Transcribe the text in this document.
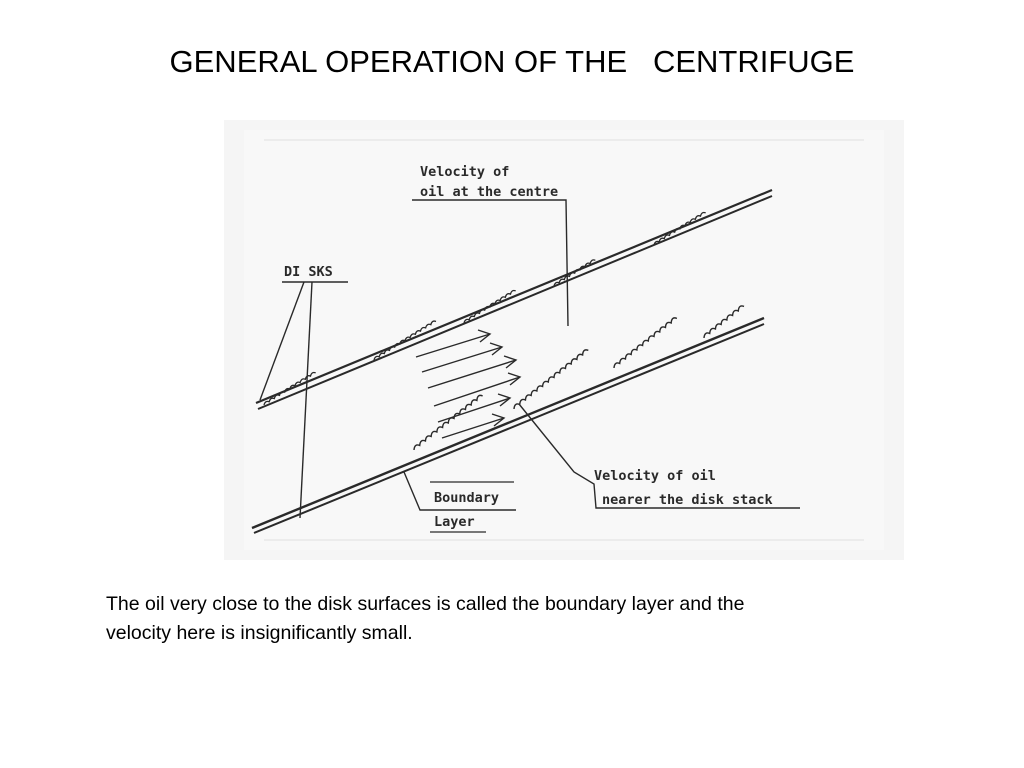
GENERAL OPERATION OF THE   CENTRIFUGE
Velocity of
oil at the centre
DI SKS
Velocity of oil
nearer the disk stack
Boundary
Layer
The oil very close to the disk surfaces is called the boundary layer and the
velocity here is insignificantly small.
